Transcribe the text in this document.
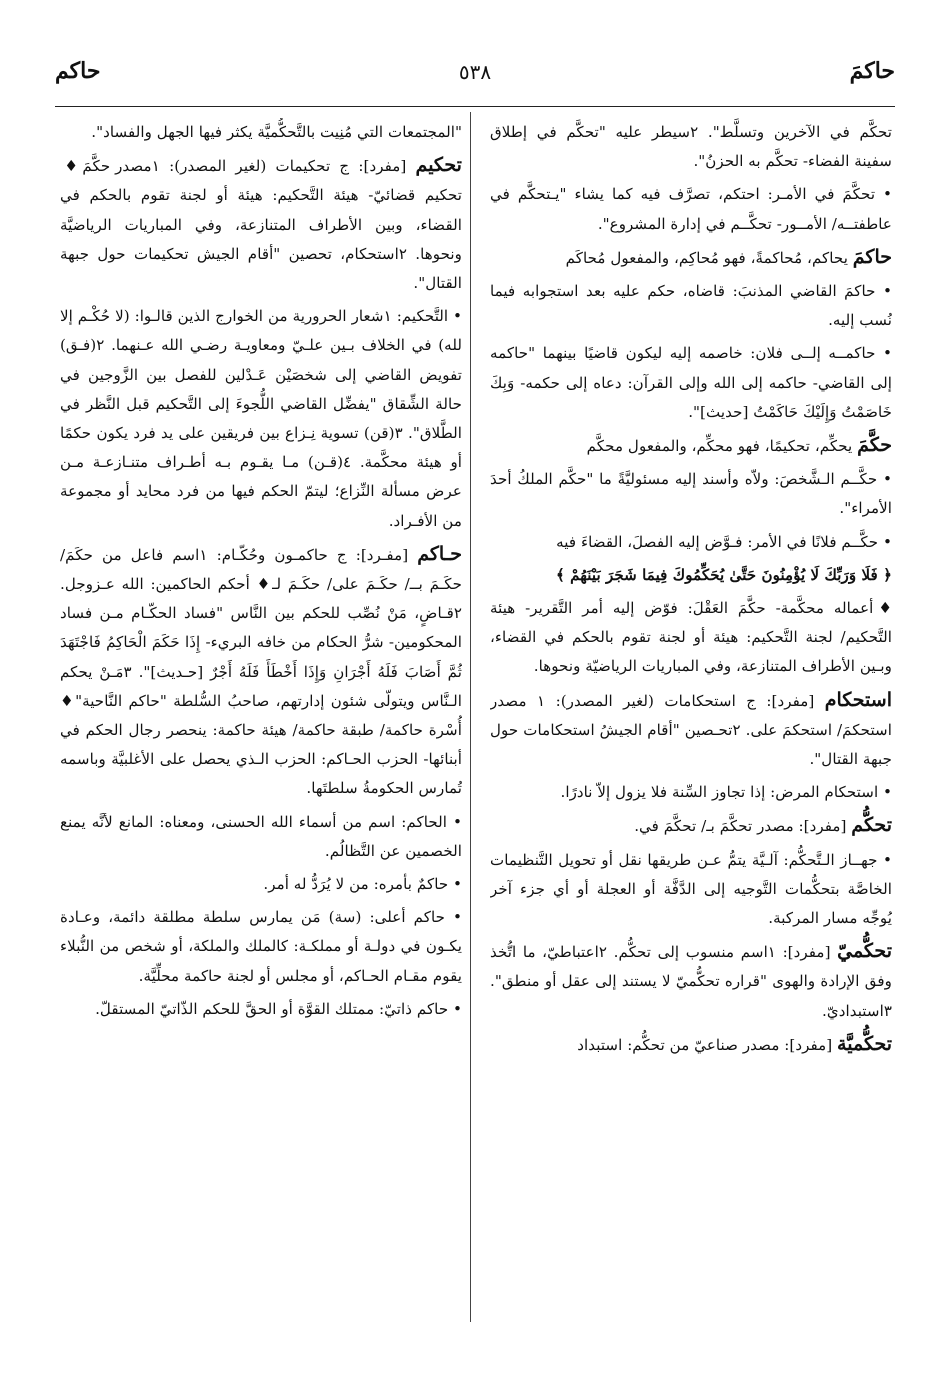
حاكمَ
٥٣٨
حاكم

تحكَّم في الآخرين وتسلَّط". ٢سيطر عليه "تحكَّم في إطلاق سفينة الفضاء- تحكَّم به الحزنُ".

• تحكَّمَ في الأمـر: احتكم، تصرَّف فيه كما يشاء "يـتحكَّم في عاطفتــه/ الأمــور- تحكَّــم في إدارة المشروع".

حاكمَ يحاكم، مُحاكمةً، فهو مُحاكِم، والمفعول مُحاكَم

• حاكمَ القاضي المذنبَ: قاضاه، حكم عليه بعد استجوابه فيما نُسب إليه.

• حاكمــه إلــى فلان: خاصمه إليه ليكون قاضيًا بينهما "حاكمه إلى القاضي- حاكمه إلى الله وإلى القرآن: دعاه إلى حكمه- وَبِكَ خَاصَمْتُ وَإِلَيْكَ حَاكَمْتُ [حديث]".

حكَّمَ يحكِّم، تحكيمًا، فهو محكِّم، والمفعول محكَّم

• حكَّــم الـشَّخصَ: ولاّه وأسند إليه مسئوليَّةً ما "حكَّم الملكُ أحدَ الأمراء".

• حكَّــم فلانًا في الأمر: فـوَّض إليه الفصلَ، القضاءَ فيه

﴿ فَلَا وَرَبِّكَ لَا يُؤْمِنُونَ حَتَّىٰ يُحَكِّمُوكَ فِيمَا شَجَرَ بَيْنَهُمْ ﴾

♦أعماله محكَّمة- حكَّمَ العَقْلَ: فوّض إليه أمر التَّقرير- هيئة التَّحكيم/ لجنة التَّحكيم: هيئة أو لجنة تقوم بالحكم في القضاء، وبـين الأطراف المتنازعة، وفي المباريات الرياضيّة ونحوها.

استحكام [مفرد]: ج استحكامات (لغير المصدر): ١ مصدر استحكمَ/ استحكمَ على. ٢تحـصين "أقام الجيشُ استحكامات حول جبهة القتال".

• استحكام المرض: إذا تجاوز السِّنة فلا يزول إلاّ نادرًا.

تحكُّم [مفرد]: مصدر تحكَّمَ بـ/ تحكَّمَ في.

• جهــاز الـتَّحكُّم: آلـيَّة يتمُّ عـن طريقها نقل أو تحويل التَّنظيمات الخاصَّة بتحكُّمات التَّوجيه إلى الدَّفَّة أو العجلة أو أي جزء آخر يُوجِّه مسار المركبة.

تحكُّميّ [مفرد]: ١اسم منسوب إلى تحكُّم. ٢اعتباطيّ، ما اتُّخذ وفق الإرادة والهوى "قراره تحكُّميّ لا يستند إلى عقل أو منطق". ٣استبداديّ.

تحكُّميَّة [مفرد]: مصدر صناعيّ من تحكُّم: استبداد

"المجتمعات التي مُنِيت بالتَّحكُّميَّة يكثر فيها الجهل والفساد".

تحكيم [مفرد]: ج تحكيمات (لغير المصدر): ١مصدر حكَّمَ♦ تحكيم قضائيّ- هيئة التَّحكيم: هيئة أو لجنة تقوم بالحكم في القضاء، وبين الأطراف المتنازعة، وفي المباريات الرياضيَّة ونحوها. ٢استحكام، تحصين "أقام الجيش تحكيمات حول جبهة القتال".

• التَّحكيم: ١شعار الحرورية من الخوارج الذين قالـوا: (لا حُكْـم إلا لله) في الخلاف بـين علـيّ ومعاويـة رضـي الله عـنهما. ٢(فـق) تفويض القاضي إلى شخصَيْن عَـدْلين للفصل بين الزَّوجين في حالة الشِّقاق "يفضِّل القاضي اللُّجوءَ إلى التَّحكيم قبل النَّظر في الطَّلاق". ٣(قن) تسوية نِـزاع بين فريقين على يد فرد يكون حكمًا أو هيئة محكَّمة. ٤(قـن) مـا يقـوم بـه أطـراف متنـازعـة مـن عرض مسألة النِّزاع؛ ليتمّ الحكم فيها من فرد محايد أو مجموعة من الأفـراد.

حـاكم [مفـرد]: ج حاكمـون وحُكّـام: ١اسم فاعل من حكَمَ/ حكَـمَ بــ/ حكَـمَ على/ حكَـمَ لـ♦ أحكم الحاكمين: الله عـزوجل. ٢قـاضٍ، مَنْ نُصِّب للحكم بين النَّاس "فساد الحكّـام مـن فساد المحكومين- شرُّ الحكام من خافه البريء- إِذَا حَكَمَ الْحَاكِمُ فَاجْتَهَدَ ثُمَّ أَصَابَ فَلَهُ أَجْرَانِ وَإِذَا أَخْطَأَ فَلَهُ أَجْرٌ [حـديث]". ٣مَـنْ يحكم الـنَّاس ويتولّى شئون إدارتهم، صاحبُ السُّلطة "حاكم النَّاحية"♦ أُسْرة حاكمة/ طبقة حاكمة/ هيئة حاكمة: ينحصر رجال الحكم في أبنائها- الحزب الحـاكم: الحزب الـذي يحصل على الأغلبيَّة وباسمه تُمارس الحكومةُ سلطتَها.

• الحاكم: اسم من أسماء الله الحسنى، ومعناه: المانع لأنَّه يمنع الخصمين عن التَّظالُم.

• حاكمٌ بأمره: من لا يُرَدُّ له أمر.

• حاكم أعلى: (سة) مَن يمارس سلطة مطلقة دائمة، وعـادة يكـون في دولـة أو مملكـة: كالملك والملكة، أو شخص من النُّبلاء يقوم مقـام الحـاكم، أو مجلس أو لجنة حاكمة محلِّيَّة.

• حاكم ذاتيّ: ممتلك القوَّة أو الحقَّ للحكم الذّاتيّ المستقلّ.
